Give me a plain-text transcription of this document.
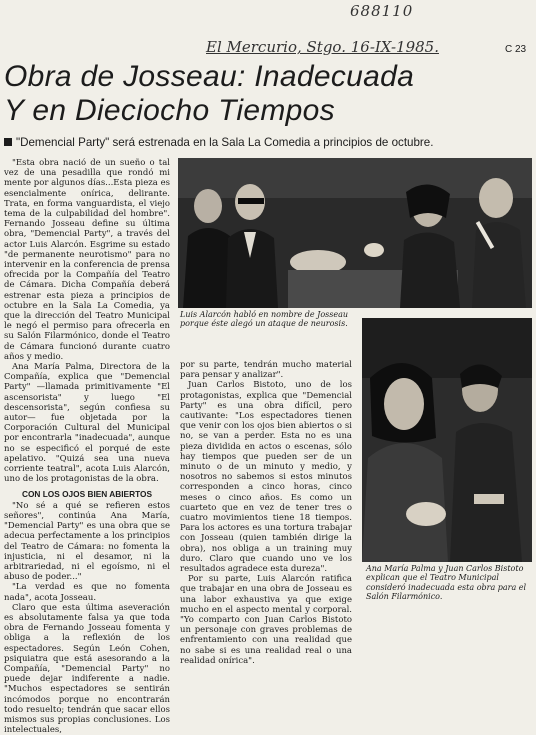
688110
El Mercurio, Stgo. 16-IX-1985.	C 23
Obra de Josseau: Inadecuada
Y en Dieciocho Tiempos
"Demencial Party" será estrenada en la Sala La Comedia a principios de octubre.

"Esta obra nació de un sueño o tal vez de una pesadilla que rondó mi mente por algunos días...Esta pieza es esencialmente onírica, delirante. Trata, en forma vanguardista, el viejo tema de la culpabilidad del hombre". Fernando Josseau define su última obra, "Demencial Party", a través del actor Luis Alarcón. Esgrime su estado "de permanente neurotismo" para no intervenir en la conferencia de prensa ofrecida por la Compañía del Teatro de Cámara. Dicha Compañía deberá estrenar esta pieza a principios de octubre en la Sala La Comedia, ya que la dirección del Teatro Municipal le negó el permiso para ofrecerla en su Salón Filarmónico, donde el Teatro de Cámara funcionó durante cuatro años y medio.

Ana María Palma, Directora de la Compañía, explica que "Demencial Party" —llamada primitivamente "El ascensorista" y luego "El descensorista", según confiesa su autor— fue objetada por la Corporación Cultural del Municipal por encontrarla "inadecuada", aunque no se especificó el porqué de este apelativo. "Quizá sea una nueva corriente teatral", acota Luis Alarcón, uno de los protagonistas de la obra.

CON LOS OJOS BIEN ABIERTOS

"No sé a qué se refieren estos señores", continúa Ana María, "Demencial Party" es una obra que se adecua perfectamente a los principios del Teatro de Cámara: no fomenta la injusticia, ni el desamor, ni la arbitrariedad, ni el egoísmo, ni el abuso de poder..."

"La verdad es que no fomenta nada", acota Josseau.

Claro que esta última aseveración es absolutamente falsa ya que toda obra de Fernando Josseau fomenta y obliga a la reflexión de los espectadores. Según León Cohen, psiquiatra que está asesorando a la Compañía, "Demencial Party" no puede dejar indiferente a nadie. "Muchos espectadores se sentirán incómodos porque no encontrarán todo resuelto; tendrán que sacar ellos mismos sus propias conclusiones. Los intelectuales,

Luis Alarcón habló en nombre de Josseau porque éste alegó un ataque de neurosis.

por su parte, tendrán mucho material para pensar y analizar".

Juan Carlos Bistoto, uno de los protagonistas, explica que "Demencial Party" es una obra difícil, pero cautivante: "Los espectadores tienen que venir con los ojos bien abiertos o si no, se van a perder. Esta no es una pieza dividida en actos o escenas, sólo hay tiempos que pueden ser de un minuto o de un minuto y medio, y nosotros no sabemos si estos minutos corresponden a cinco horas, cinco meses o cinco años. Es como un cuarteto que en vez de tener tres o cuatro movimientos tiene 18 tiempos. Para los actores es una tortura trabajar con Josseau (quien también dirige la obra), nos obliga a un training muy duro. Claro que cuando uno ve los resultados agradece esta dureza".

Por su parte, Luis Alarcón ratifica que trabajar en una obra de Josseau es una labor exhaustiva ya que exige mucho en el aspecto mental y corporal. "Yo comparto con Juan Carlos Bistoto un personaje con graves problemas de enfrentamiento con una realidad que no sabe si es una realidad real o una realidad onírica".

Ana María Palma y Juan Carlos Bistoto explican que el Teatro Municipal consideró inadecuada esta obra para el Salón Filarmónico.
